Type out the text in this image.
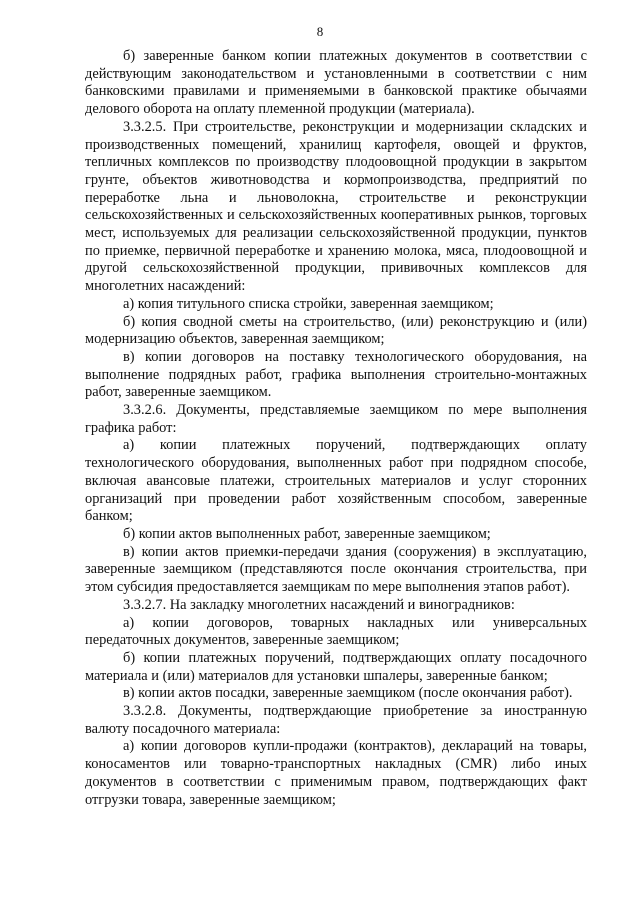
8

б) заверенные банком копии платежных документов в соответствии с действующим законодательством и установленными в соответствии с ним банковскими правилами и применяемыми в банковской практике обычаями делового оборота на оплату племенной продукции (материала).

3.3.2.5. При строительстве, реконструкции и модернизации складских и производственных помещений, хранилищ картофеля, овощей и фруктов, тепличных комплексов по производству плодоовощной продукции в закрытом грунте, объектов животноводства и кормопроизводства, предприятий по переработке льна и льноволокна, строительстве и реконструкции сельскохозяйственных и сельскохозяйственных кооперативных рынков, торговых мест, используемых для реализации сельскохозяйственной продукции, пунктов по приемке, первичной переработке и хранению молока, мяса, плодоовощной и другой сельскохозяйственной продукции, прививочных комплексов для многолетних насаждений:

а) копия титульного списка стройки, заверенная заемщиком;

б) копия сводной сметы на строительство, (или) реконструкцию и (или) модернизацию объектов, заверенная заемщиком;

в) копии договоров на поставку технологического оборудования, на выполнение подрядных работ, графика выполнения строительно-монтажных работ, заверенные заемщиком.

3.3.2.6. Документы, представляемые заемщиком по мере выполнения графика работ:

а) копии платежных поручений, подтверждающих оплату технологического оборудования, выполненных работ при подрядном способе, включая авансовые платежи, строительных материалов и услуг сторонних организаций при проведении работ хозяйственным способом, заверенные банком;

б) копии актов выполненных работ, заверенные заемщиком;

в) копии актов приемки-передачи здания (сооружения) в эксплуатацию, заверенные заемщиком (представляются после окончания строительства, при этом субсидия предоставляется заемщикам по мере выполнения этапов работ).

3.3.2.7. На закладку многолетних насаждений и виноградников:

а) копии договоров, товарных накладных или универсальных передаточных документов, заверенные заемщиком;

б) копии платежных поручений, подтверждающих оплату посадочного материала и (или) материалов для установки шпалеры, заверенные банком;

в) копии актов посадки, заверенные заемщиком (после окончания работ).

3.3.2.8. Документы, подтверждающие приобретение за иностранную валюту посадочного материала:

а) копии договоров купли-продажи (контрактов), деклараций на товары, коносаментов или товарно-транспортных накладных (CMR) либо иных документов в соответствии с применимым правом, подтверждающих факт отгрузки товара, заверенные заемщиком;
